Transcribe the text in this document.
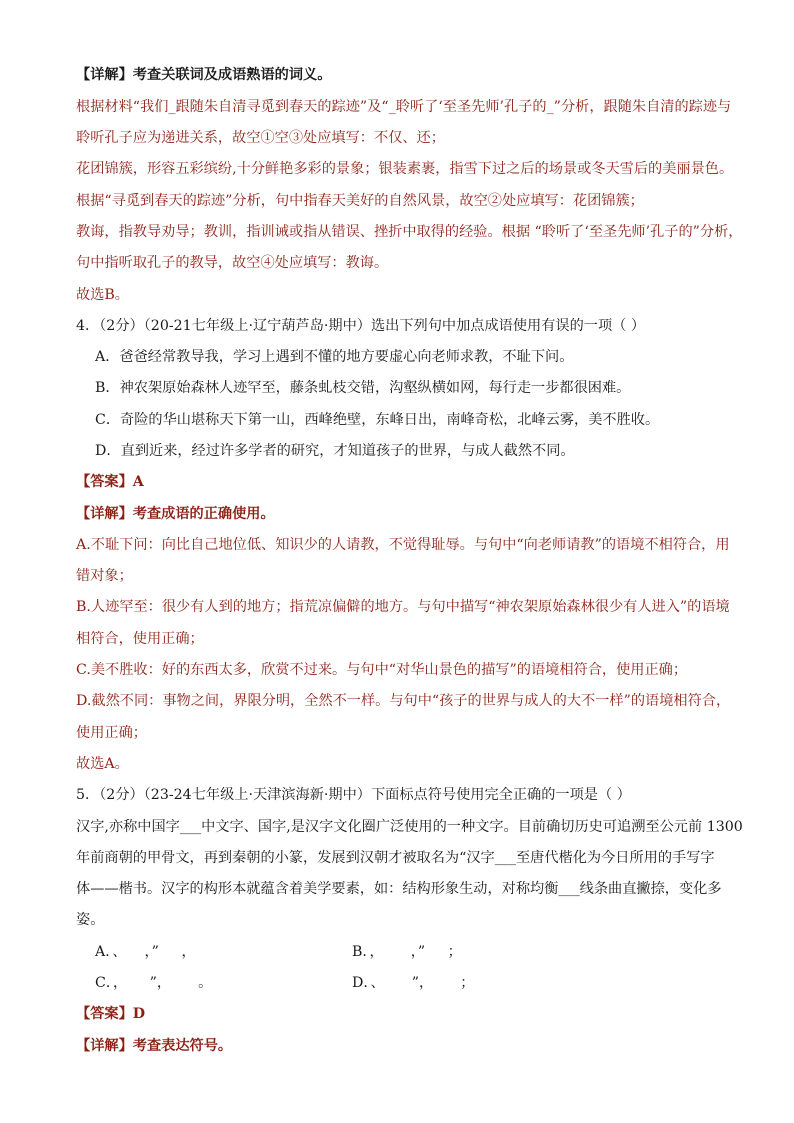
【详解】考查关联词及成语熟语的词义。
根据材料“我们_跟随朱自清寻觅到春天的踪迹”及“_聆听了‘至圣先师’孔子的_”分析，跟随朱自清的踪迹与
聆听孔子应为递进关系，故空①空③处应填写：不仅、还；
花团锦簇，形容五彩缤纷,十分鲜艳多彩的景象；银装素裹，指雪下过之后的场景或冬天雪后的美丽景色。
根据“寻觅到春天的踪迹”分析，句中指春天美好的自然风景，故空②处应填写：花团锦簇；
教诲，指教导劝导；教训，指训诫或指从错误、挫折中取得的经验。根据 “聆听了‘至圣先师’孔子的”分析，
句中指听取孔子的教导，故空④处应填写：教诲。
故选B。
4．（2分）（20-21七年级上·辽宁葫芦岛·期中）选出下列句中加点成语使用有误的一项（ ）
A．爸爸经常教导我，学习上遇到不懂的地方要虚心向老师求教，不耻下问。
B．神农架原始森林人迹罕至，藤条虬枝交错，沟壑纵横如网，每行走一步都很困难。
C．奇险的华山堪称天下第一山，西峰绝壁，东峰日出，南峰奇松，北峰云雾，美不胜收。
D．直到近来，经过许多学者的研究，才知道孩子的世界，与成人截然不同。
【答案】A
【详解】考查成语的正确使用。
A.不耻下问：向比自己地位低、知识少的人请教，不觉得耻辱。与句中“向老师请教”的语境不相符合，用
错对象；
B.人迹罕至：很少有人到的地方；指荒凉偏僻的地方。与句中描写“神农架原始森林很少有人进入”的语境
相符合，使用正确；
C.美不胜收：好的东西太多，欣赏不过来。与句中“对华山景色的描写”的语境相符合，使用正确；
D.截然不同：事物之间，界限分明，全然不一样。与句中“孩子的世界与成人的大不一样”的语境相符合，
使用正确；
故选A。
5．（2分）（23-24七年级上·天津滨海新·期中）下面标点符号使用完全正确的一项是（ ）
汉字,亦称中国字___中文字、国字,是汉字文化圈广泛使用的一种文字。目前确切历史可追溯至公元前 1300
年前商朝的甲骨文，再到秦朝的小篆，发展到汉朝才被取名为“汉字___至唐代楷化为今日所用的手写字
体——楷书。汉字的构形本就蕴含着美学要素，如：结构形象生动，对称均衡___线条曲直撇捺，变化多
姿。
A．、    ，”     ，	B．，      ，”     ；
C．，     ”，      。	D．、      ”，      ；
【答案】D
【详解】考查表达符号。
